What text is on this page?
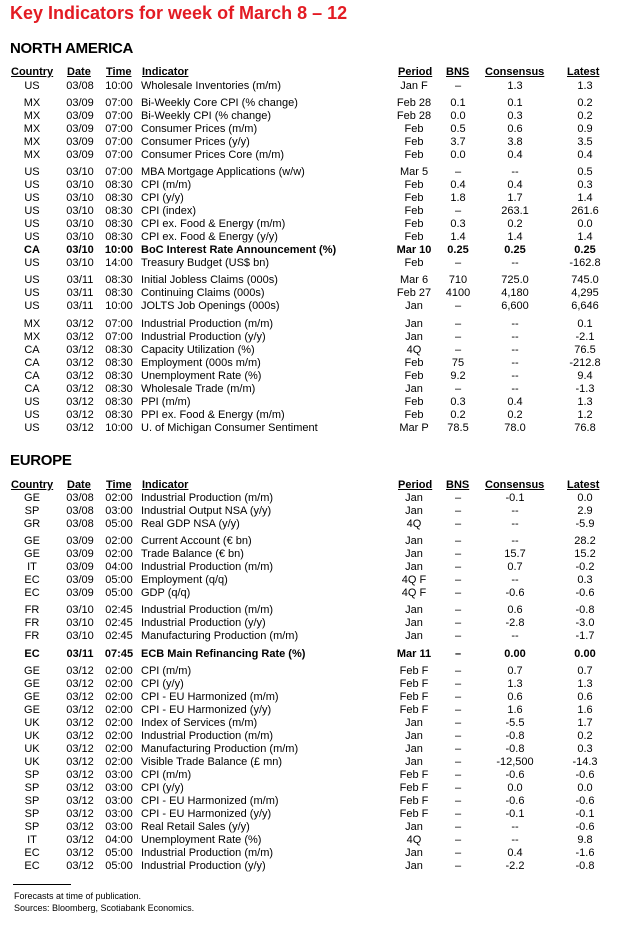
Key Indicators for week of March 8 – 12
NORTH AMERICA
Country Date Time Indicator	Period BNS Consensus Latest
US	03/08	10:00 Wholesale Inventories (m/m)	Jan F	–	1.3	1.3
MX	03/09	07:00 Bi-Weekly Core CPI (% change)	Feb 28	0.1	0.1	0.2
MX	03/09	07:00 Bi-Weekly CPI (% change)	Feb 28	0.0	0.3	0.2
MX	03/09	07:00 Consumer Prices (m/m)	Feb	0.5	0.6	0.9
MX	03/09	07:00 Consumer Prices (y/y)	Feb	3.7	3.8	3.5
MX	03/09	07:00 Consumer Prices Core (m/m)	Feb	0.0	0.4	0.4
US	03/10	07:00 MBA Mortgage Applications (w/w)	Mar 5	–	--	0.5
US	03/10	08:30 CPI (m/m)	Feb	0.4	0.4	0.3
US	03/10	08:30 CPI (y/y)	Feb	1.8	1.7	1.4
US	03/10	08:30 CPI (index)	Feb	–	263.1	261.6
US	03/10	08:30 CPI ex. Food & Energy (m/m)	Feb	0.3	0.2	0.0
US	03/10	08:30 CPI ex. Food & Energy (y/y)	Feb	1.4	1.4	1.4
CA	03/10	10:00 BoC Interest Rate Announcement (%)	Mar 10	0.25	0.25	0.25
US	03/10	14:00 Treasury Budget (US$ bn)	Feb	–	--	-162.8
US	03/11	08:30 Initial Jobless Claims (000s)	Mar 6	710	725.0	745.0
US	03/11	08:30 Continuing Claims (000s)	Feb 27	4100	4,180	4,295
US	03/11	10:00 JOLTS Job Openings (000s)	Jan	–	6,600	6,646
MX	03/12	07:00 Industrial Production (m/m)	Jan	–	--	0.1
MX	03/12	07:00 Industrial Production (y/y)	Jan	–	--	-2.1
CA	03/12	08:30 Capacity Utilization (%)	4Q	–	--	76.5
CA	03/12	08:30 Employment (000s m/m)	Feb	75	--	-212.8
CA	03/12	08:30 Unemployment Rate (%)	Feb	9.2	--	9.4
CA	03/12	08:30 Wholesale Trade (m/m)	Jan	–	--	-1.3
US	03/12	08:30 PPI (m/m)	Feb	0.3	0.4	1.3
US	03/12	08:30 PPI ex. Food & Energy (m/m)	Feb	0.2	0.2	1.2
US	03/12	10:00 U. of Michigan Consumer Sentiment	Mar P	78.5	78.0	76.8
EUROPE
Country Date Time Indicator	Period BNS Consensus Latest
GE	03/08	02:00 Industrial Production (m/m)	Jan	–	-0.1	0.0
SP	03/08	03:00 Industrial Output NSA (y/y)	Jan	–	--	2.9
GR	03/08	05:00 Real GDP NSA (y/y)	4Q	–	--	-5.9
GE	03/09	02:00 Current Account (€ bn)	Jan	–	--	28.2
GE	03/09	02:00 Trade Balance (€ bn)	Jan	–	15.7	15.2
IT	03/09	04:00 Industrial Production (m/m)	Jan	–	0.7	-0.2
EC	03/09	05:00 Employment (q/q)	4Q F	–	--	0.3
EC	03/09	05:00 GDP (q/q)	4Q F	–	-0.6	-0.6
FR	03/10	02:45 Industrial Production (m/m)	Jan	–	0.6	-0.8
FR	03/10	02:45 Industrial Production (y/y)	Jan	–	-2.8	-3.0
FR	03/10	02:45 Manufacturing Production (m/m)	Jan	–	--	-1.7
EC	03/11	07:45 ECB Main Refinancing Rate (%)	Mar 11	–	0.00	0.00
GE	03/12	02:00 CPI (m/m)	Feb F	–	0.7	0.7
GE	03/12	02:00 CPI (y/y)	Feb F	–	1.3	1.3
GE	03/12	02:00 CPI - EU Harmonized (m/m)	Feb F	–	0.6	0.6
GE	03/12	02:00 CPI - EU Harmonized (y/y)	Feb F	–	1.6	1.6
UK	03/12	02:00 Index of Services (m/m)	Jan	–	-5.5	1.7
UK	03/12	02:00 Industrial Production (m/m)	Jan	–	-0.8	0.2
UK	03/12	02:00 Manufacturing Production (m/m)	Jan	–	-0.8	0.3
UK	03/12	02:00 Visible Trade Balance (£ mn)	Jan	–	-12,500	-14.3
SP	03/12	03:00 CPI (m/m)	Feb F	–	-0.6	-0.6
SP	03/12	03:00 CPI (y/y)	Feb F	–	0.0	0.0
SP	03/12	03:00 CPI - EU Harmonized (m/m)	Feb F	–	-0.6	-0.6
SP	03/12	03:00 CPI - EU Harmonized (y/y)	Feb F	–	-0.1	-0.1
SP	03/12	03:00 Real Retail Sales (y/y)	Jan	–	--	-0.6
IT	03/12	04:00 Unemployment Rate (%)	4Q	–	--	9.8
EC	03/12	05:00 Industrial Production (m/m)	Jan	–	0.4	-1.6
EC	03/12	05:00 Industrial Production (y/y)	Jan	–	-2.2	-0.8
Forecasts at time of publication.
Sources: Bloomberg, Scotiabank Economics.
